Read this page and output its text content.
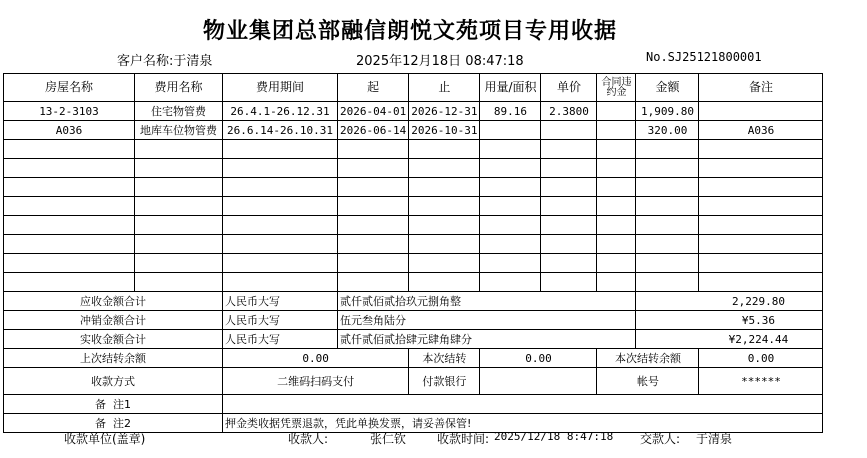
物业集团总部融信朗悦文苑项目专用收据
客户名称:于清泉	2025年12月18日 08:47:18	No.SJ25121800001
房屋名称	费用名称	费用期间	起	止	用量/面积	单价	合同违约金	金额	备注
13-2-3103	住宅物管费	26.4.1-26.12.31	2026-04-01	2026-12-31	89.16	2.3800		1,909.80	
A036	地库车位物管费	26.6.14-26.10.31	2026-06-14	2026-10-31				320.00	A036

应收金额合计		人民币大写	贰仟贰佰贰拾玖元捌角整					2,229.80	
冲销金额合计		人民币大写	伍元叁角陆分					¥5.36	
实收金额合计		人民币大写	贰仟贰佰贰拾肆元肆角肆分					¥2,224.44	
上次结转余额		0.00		本次结转	0.00		本次结转余额		0.00
收款方式		二维码扫码支付		付款银行			帐号		******
备  注1									
备  注2		押金类收据凭票退款，凭此单换发票，请妥善保管!							
收款单位(盖章)	收款人:	张仁钦	收款时间: 2025/12/18 8:47:18 交款人: 于清泉
